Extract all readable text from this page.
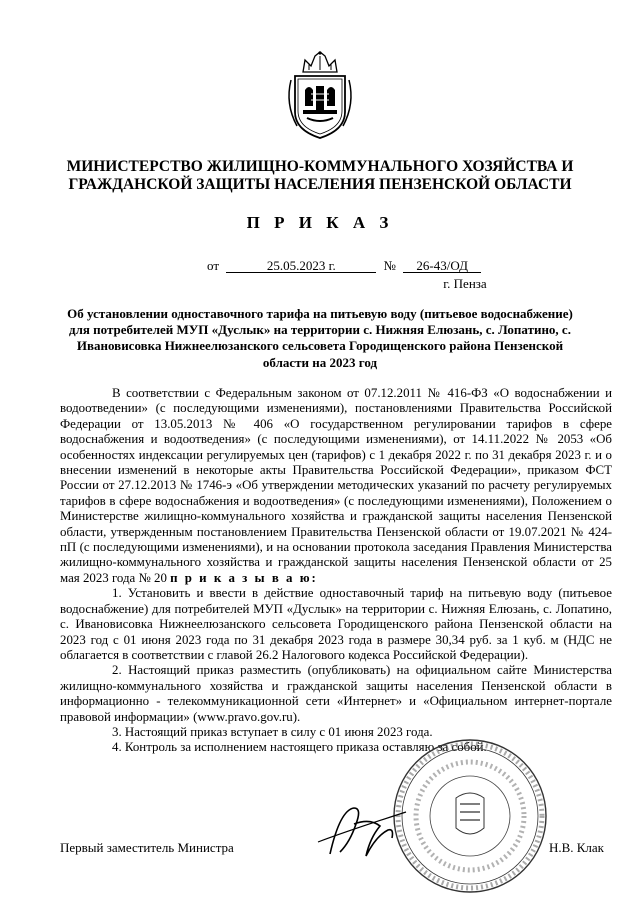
МИНИСТЕРСТВО ЖИЛИЩНО-КОММУНАЛЬНОГО ХОЗЯЙСТВА И
ГРАЖДАНСКОЙ ЗАЩИТЫ НАСЕЛЕНИЯ ПЕНЗЕНСКОЙ ОБЛАСТИ
П Р И К А З
от	25.05.2023 г.	№ 26-43/ОД
г. Пенза
Об установлении одноставочного тарифа на питьевую воду (питьевое водоснабжение) для потребителей МУП «Дуслык» на территории с. Нижняя Елюзань, с. Лопатино, с. Ивановисовка Нижнеелюзанского сельсовета Городищенского района Пензенской области на 2023 год

В соответствии с Федеральным законом от 07.12.2011 № 416-ФЗ «О водоснабжении и водоотведении» (с последующими изменениями), постановлениями Правительства Российской Федерации от 13.05.2013 № 406 «О государственном регулировании тарифов в сфере водоснабжения и водоотведения» (с последующими изменениями), от 14.11.2022 № 2053 «Об особенностях индексации регулируемых цен (тарифов) с 1 декабря 2022 г. по 31 декабря 2023 г. и о внесении изменений в некоторые акты Правительства Российской Федерации», приказом ФСТ России от 27.12.2013 № 1746-э «Об утверждении методических указаний по расчету регулируемых тарифов в сфере водоснабжения и водоотведения» (с последующими изменениями), Положением о Министерстве жилищно-коммунального хозяйства и гражданской защиты населения Пензенской области, утвержденным постановлением Правительства Пензенской области от 19.07.2021 № 424-пП (с последующими изменениями), и на основании протокола заседания Правления Министерства жилищно-коммунального хозяйства и гражданской защиты населения Пензенской области от 25 мая 2023 года № 20 п р и к а з ы в а ю:

1. Установить и ввести в действие одноставочный тариф на питьевую воду (питьевое водоснабжение) для потребителей МУП «Дуслык» на территории с. Нижняя Елюзань, с. Лопатино, с. Ивановисовка Нижнеелюзанского сельсовета Городищенского района Пензенской области на 2023 год с 01 июня 2023 года по 31 декабря 2023 года в размере 30,34 руб. за 1 куб. м (НДС не облагается в соответствии с главой 26.2 Налогового кодекса Российской Федерации).
2. Настоящий приказ разместить (опубликовать) на официальном сайте Министерства жилищно-коммунального хозяйства и гражданской защиты населения Пензенской области в информационно - телекоммуникационной сети «Интернет» и «Официальном интернет-портале правовой информации» (www.pravo.gov.ru).
3. Настоящий приказ вступает в силу с 01 июня 2023 года.
4. Контроль за исполнением настоящего приказа оставляю за собой.
Первый заместитель Министра	Н.В. Клак
